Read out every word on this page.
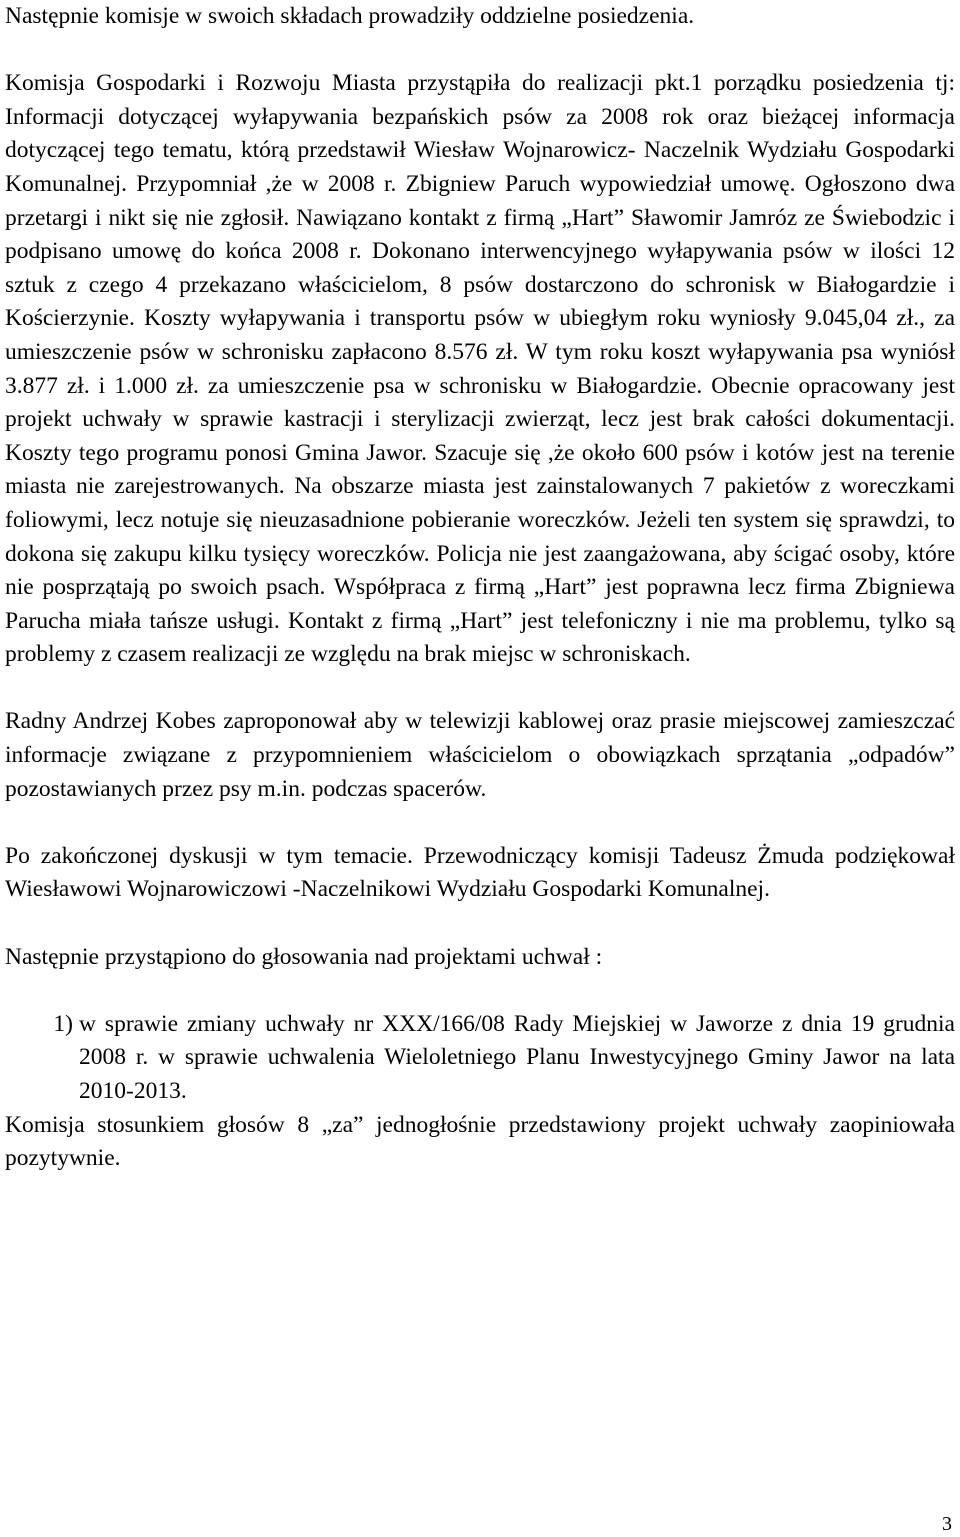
Następnie komisje w swoich składach prowadziły oddzielne posiedzenia.

Komisja Gospodarki i Rozwoju Miasta przystąpiła do realizacji pkt.1 porządku posiedzenia tj: Informacji dotyczącej wyłapywania bezpańskich psów za 2008 rok oraz bieżącej informacja dotyczącej tego tematu, którą przedstawił Wiesław Wojnarowicz- Naczelnik Wydziału Gospodarki Komunalnej. Przypomniał ,że w 2008 r. Zbigniew Paruch wypowiedział umowę. Ogłoszono dwa przetargi i nikt się nie zgłosił. Nawiązano kontakt z firmą „Hart” Sławomir Jamróz ze Świebodzic i podpisano umowę do końca 2008 r. Dokonano interwencyjnego wyłapywania psów w ilości 12 sztuk z czego 4 przekazano właścicielom, 8 psów dostarczono do schronisk w Białogardzie i Kościerzynie. Koszty wyłapywania i transportu psów w ubiegłym roku wyniosły 9.045,04 zł., za umieszczenie psów w schronisku zapłacono 8.576 zł. W tym roku koszt wyłapywania psa wyniósł 3.877 zł. i 1.000 zł. za umieszczenie psa w schronisku w Białogardzie. Obecnie opracowany jest projekt uchwały w sprawie kastracji i sterylizacji zwierząt, lecz jest brak całości dokumentacji. Koszty tego programu ponosi Gmina Jawor. Szacuje się ,że około 600 psów i kotów jest na terenie miasta nie zarejestrowanych. Na obszarze miasta jest zainstalowanych 7 pakietów z woreczkami foliowymi, lecz notuje się nieuzasadnione pobieranie woreczków. Jeżeli ten system się sprawdzi, to dokona się zakupu kilku tysięcy woreczków. Policja nie jest zaangażowana, aby ścigać osoby, które nie posprzątają po swoich psach. Współpraca z firmą „Hart” jest poprawna lecz firma Zbigniewa Parucha miała tańsze usługi. Kontakt z firmą „Hart” jest telefoniczny i nie ma problemu, tylko są problemy z czasem realizacji ze względu na brak miejsc w schroniskach.

Radny Andrzej Kobes zaproponował aby w telewizji kablowej oraz prasie miejscowej zamieszczać informacje związane z przypomnieniem właścicielom o obowiązkach sprzątania „odpadów” pozostawianych przez psy m.in. podczas spacerów.

Po zakończonej dyskusji w tym temacie. Przewodniczący komisji Tadeusz Żmuda podziękował Wiesławowi Wojnarowiczowi -Naczelnikowi Wydziału Gospodarki Komunalnej.

Następnie przystąpiono do głosowania nad projektami uchwał :

1) w sprawie zmiany uchwały nr XXX/166/08 Rady Miejskiej w Jaworze z dnia 19 grudnia 2008 r. w sprawie uchwalenia Wieloletniego Planu Inwestycyjnego Gminy Jawor na lata 2010-2013.

Komisja stosunkiem głosów 8 „za” jednogłośnie przedstawiony projekt uchwały zaopiniowała pozytywnie.

3
